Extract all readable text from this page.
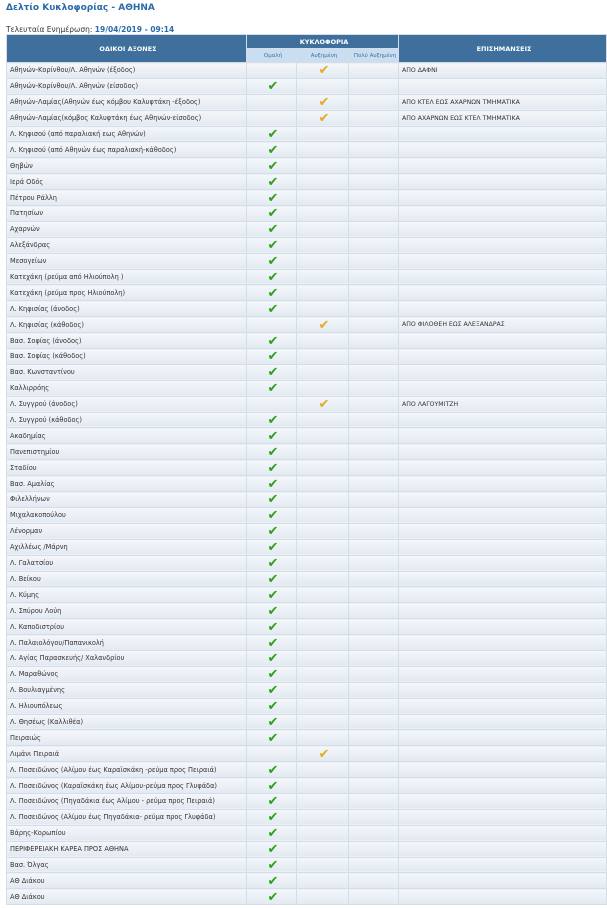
Δελτίο Κυκλοφορίας - ΑΘΗΝΑ
Τελευταία Ενημέρωση: 19/04/2019 - 09:14
ΟΔΙΚΟΙ ΑΞΟΝΕΣ	ΚΥΚΛΟΦΟΡΙΑ			ΕΠΙΣΗΜΑΝΣΕΙΣ
	Ομαλή	Αυξημένη	Πολύ Αυξημένη	
Αθηνών-Κορίνθου/Λ. Αθηνών (έξοδος)		✔		ΑΠΟ ΔΑΦΝΙ
Αθηνών-Κορίνθου/Λ. Αθηνών (είσοδος)	✔			
Αθηνών-Λαμίας(Αθηνών έως κόμβου Καλυφτάκη -έξοδος)		✔		ΑΠΟ ΚΤΕΛ ΕΩΣ ΑΧΑΡΝΩΝ ΤΜΗΜΑΤΙΚΑ
Αθηνών-Λαμίας(κόμβος Καλυφτάκη έως Αθηνών-είσοδος)		✔		ΑΠΟ ΑΧΑΡΝΩΝ ΕΩΣ ΚΤΕΛ ΤΜΗΜΑΤΙΚΑ
Λ. Κηφισού (από παραλιακή εως Αθηνών)	✔			
Λ. Κηφισού (από Αθηνών έως παραλιακή-κάθοδος)	✔			
Θηβών	✔			
Ιερά Οδός	✔			
Πέτρου Ράλλη	✔			
Πατησίων	✔			
Αχαρνών	✔			
Αλεξάνδρας	✔			
Μεσογείων	✔			
Κατεχάκη (ρεύμα από Ηλιούπολη )	✔			
Κατεχάκη (ρεύμα προς Ηλιούπολη)	✔			
Λ. Κηφισίας (άνοδος)	✔			
Λ. Κηφισίας (κάθοδος)		✔		ΑΠΟ ΦΙΛΟΘΕΗ ΕΩΣ ΑΛΕΞΑΝΔΡΑΣ
Βασ. Σοφίας (άνοδος)	✔			
Βασ. Σοφίας (κάθοδος)	✔			
Βασ. Κωνσταντίνου	✔			
Καλλιρρόης	✔			
Λ. Συγγρού (άνοδος)		✔		ΑΠΟ ΛΑΓΟΥΜΙΤΖΗ
Λ. Συγγρού (κάθοδος)	✔			
Ακαδημίας	✔			
Πανεπιστημίου	✔			
Σταδίου	✔			
Βασ. Αμαλίας	✔			
Φιλελλήνων	✔			
Μιχαλακοπούλου	✔			
Λένορμαν	✔			
Αχιλλέως /Μάρνη	✔			
Λ. Γαλατσίου	✔			
Λ. Βείκου	✔			
Λ. Κύμης	✔			
Λ. Σπύρου Λούη	✔			
Λ. Καποδιστρίου	✔			
Λ. Παλαιολόγου/Παπανικολή	✔			
Λ. Αγίας Παρασκευής/ Χαλανδρίου	✔			
Λ. Μαραθώνος	✔			
Λ. Βουλιαγμένης	✔			
Λ. Ηλιουπόλεως	✔			
Λ. Θησέως (Καλλιθέα)	✔			
Πειραιώς	✔			
Λιμάνι Πειραιά		✔		
Λ. Ποσειδώνος (Αλίμου έως Καραϊσκάκη -ρεύμα προς Πειραιά)	✔			
Λ. Ποσειδώνος (Καραϊσκάκη έως Αλίμου-ρεύμα προς Γλυφάδα)	✔			
Λ. Ποσειδώνος (Πηγαδάκια έως Αλίμου - ρεύμα προς Πειραιά)	✔			
Λ. Ποσειδώνος (Αλίμου έως Πηγαδάκια- ρεύμα προς Γλυφάδα)	✔			
Βάρης-Κορωπίου	✔			
ΠΕΡΙΦΕΡΕΙΑΚΗ ΚΑΡΕΑ ΠΡΟΣ ΑΘΗΝΑ	✔			
Βασ. Όλγας	✔			
ΑΘ Διάκου	✔			
ΑΘ Διάκου	✔			
